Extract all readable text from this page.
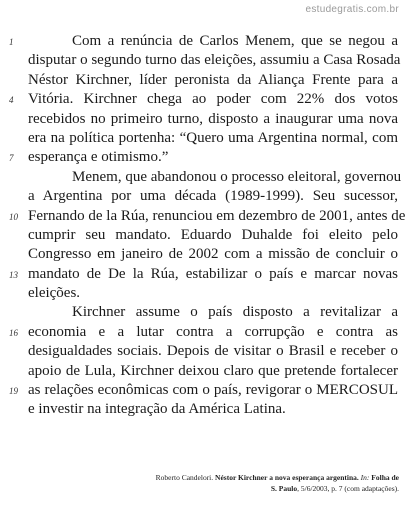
estudegratis.com.br
1	Com a renúncia de Carlos Menem, que se negou a
disputar o segundo turno das eleições, assumiu a Casa Rosada
Néstor Kirchner, líder peronista da Aliança Frente para a
4 Vitória. Kirchner chega ao poder com 22% dos votos
recebidos no primeiro turno, disposto a inaugurar uma nova
era na política portenha: “Quero uma Argentina normal, com
7 esperança e otimismo.”
Menem, que abandonou o processo eleitoral, governou
a Argentina por uma década (1989-1999). Seu sucessor,
10 Fernando de la Rúa, renunciou em dezembro de 2001, antes de
cumprir seu mandato. Eduardo Duhalde foi eleito pelo
Congresso em janeiro de 2002 com a missão de concluir o
13 mandato de De la Rúa, estabilizar o país e marcar novas
eleições.
Kirchner assume o país disposto a revitalizar a
16 economia e a lutar contra a corrupção e contra as
desigualdades sociais. Depois de visitar o Brasil e receber o
apoio de Lula, Kirchner deixou claro que pretende fortalecer
19 as relações econômicas com o país, revigorar o MERCOSUL
e investir na integração da América Latina.
Roberto Candelori. Néstor Kirchner a nova esperança argentina. In: Folha de S. Paulo, 5/6/2003, p. 7 (com adaptações).
